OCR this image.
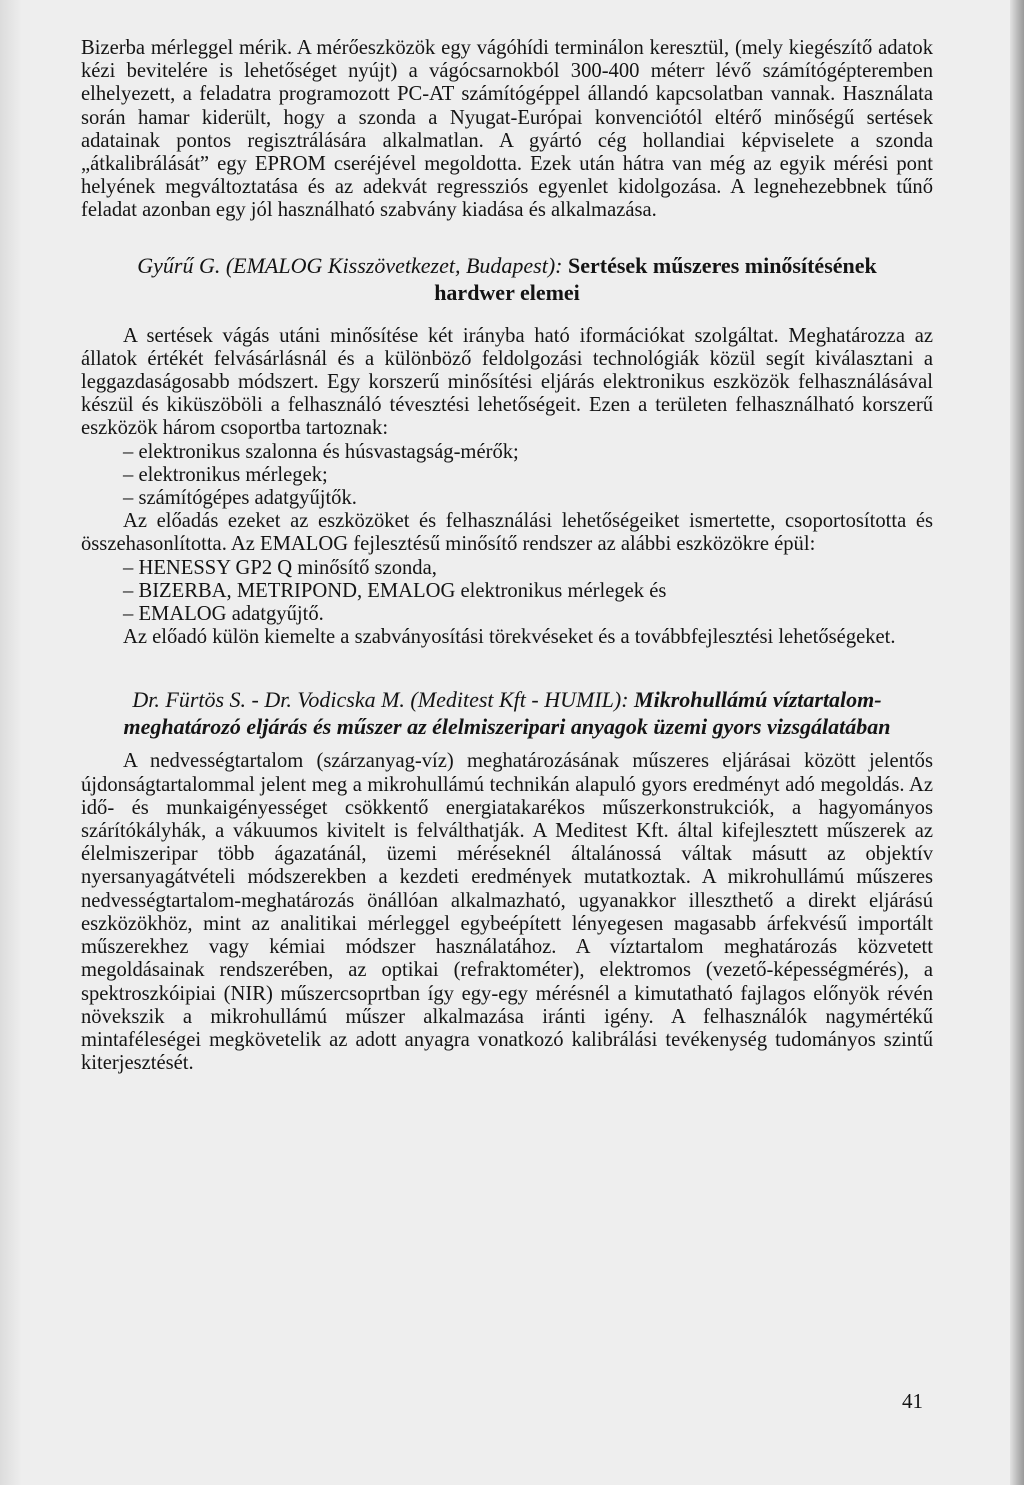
Bizerba mérleggel mérik. A mérőeszközök egy vágóhídi terminálon keresztül, (mely kiegészítő adatok kézi bevitelére is lehetőséget nyújt) a vágócsarnokból 300-400 méterr lévő számítógépteremben elhelyezett, a feladatra programozott PC-AT számítógéppel állandó kapcsolatban vannak. Használata során hamar kiderült, hogy a szonda a Nyugat-Európai konvenciótól eltérő minőségű sertések adatainak pontos regisztrálására alkalmatlan. A gyártó cég hollandiai képviselete a szonda „átkalibrálását” egy EPROM cseréjével megoldotta. Ezek után hátra van még az egyik mérési pont helyének megváltoztatása és az adekvát regressziós egyenlet kidolgozása. A legnehezebbnek tűnő feladat azonban egy jól használható szabvány kiadása és alkalmazása.

Gyűrű G. (EMALOG Kisszövetkezet, Budapest): Sertések műszeres minősítésének hardwer elemei

A sertések vágás utáni minősítése két irányba ható iformációkat szolgáltat. Meghatározza az állatok értékét felvásárlásnál és a különböző feldolgozási technológiák közül segít kiválasztani a leggazdaságosabb módszert. Egy korszerű minősítési eljárás elektronikus eszközök felhasználásával készül és kiküszöböli a felhasználó tévesztési lehetőségeit. Ezen a területen felhasználható korszerű eszközök három csoportba tartoznak:

– elektronikus szalonna és húsvastagság-mérők;
– elektronikus mérlegek;
– számítógépes adatgyűjtők.

Az előadás ezeket az eszközöket és felhasználási lehetőségeiket ismertette, csoportosította és összehasonlította. Az EMALOG fejlesztésű minősítő rendszer az alábbi eszközökre épül:

– HENESSY GP2 Q minősítő szonda,
– BIZERBA, METRIPOND, EMALOG elektronikus mérlegek és
– EMALOG adatgyűjtő.

Az előadó külön kiemelte a szabványosítási törekvéseket és a továbbfejlesztési lehetőségeket.

Dr. Fürtös S. - Dr. Vodicska M. (Meditest Kft - HUMIL): Mikrohullámú víztartalom-meghatározó eljárás és műszer az élelmiszeripari anyagok üzemi gyors vizsgálatában

A nedvességtartalom (szárzanyag-víz) meghatározásának műszeres eljárásai között jelentős újdonságtartalommal jelent meg a mikrohullámú technikán alapuló gyors eredményt adó megoldás. Az idő- és munkaigényességet csökkentő energiatakarékos műszerkonstrukciók, a hagyományos szárítókályhák, a vákuumos kivitelt is felválthatják. A Meditest Kft. által kifejlesztett műszerek az élelmiszeripar több ágazatánál, üzemi méréseknél általánossá váltak másutt az objektív nyersanyagátvételi módszerekben a kezdeti eredmények mutatkoztak. A mikrohullámú műszeres nedvességtartalom-meghatározás önállóan alkalmazható, ugyanakkor illeszthető a direkt eljárású eszközökhöz, mint az analitikai mérleggel egybeépített lényegesen magasabb árfekvésű importált műszerekhez vagy kémiai módszer használatához. A víztartalom meghatározás közvetett megoldásainak rendszerében, az optikai (refraktométer), elektromos (vezető-képességmérés), a spektroszkóipiai (NIR) műszercsoprtban így egy-egy mérésnél a kimutatható fajlagos előnyök révén növekszik a mikrohullámú műszer alkalmazása iránti igény. A felhasználók nagymértékű mintaféleségei megkövetelik az adott anyagra vonatkozó kalibrálási tevékenység tudományos szintű kiterjesztését.

41
